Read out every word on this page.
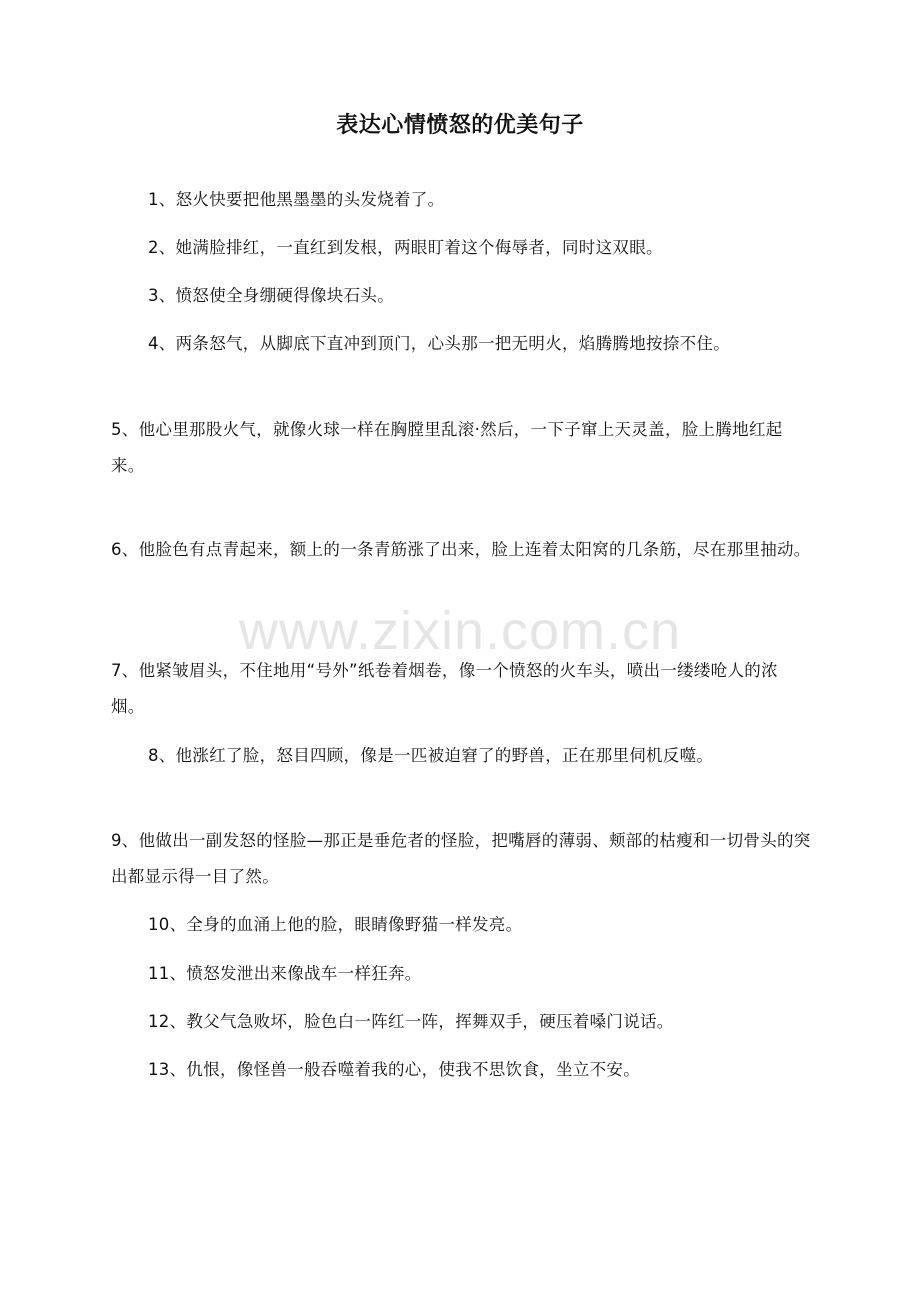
表达心情愤怒的优美句子

1、怒火快要把他黑墨墨的头发烧着了。

2、她满脸排红，一直红到发根，两眼盯着这个侮辱者，同时这双眼。

3、愤怒使全身绷硬得像块石头。

4、两条怒气，从脚底下直冲到顶门，心头那一把无明火，焰腾腾地按捺不住。

5、他心里那股火气，就像火球一样在胸膛里乱滚·然后，一下子窜上天灵盖，脸上腾地红起来。

6、他脸色有点青起来，额上的一条青筋涨了出来，脸上连着太阳窝的几条筋，尽在那里抽动。

7、他紧皱眉头，不住地用“号外”纸卷着烟卷，像一个愤怒的火车头，喷出一缕缕呛人的浓烟。

8、他涨红了脸，怒目四顾，像是一匹被迫窘了的野兽，正在那里伺机反噬。

9、他做出一副发怒的怪脸—那正是垂危者的怪脸，把嘴唇的薄弱、颊部的枯瘦和一切骨头的突出都显示得一目了然。

10、全身的血涌上他的脸，眼睛像野猫一样发亮。

11、愤怒发泄出来像战车一样狂奔。

12、教父气急败坏，脸色白一阵红一阵，挥舞双手，硬压着嗓门说话。

13、仇恨，像怪兽一般吞噬着我的心，使我不思饮食，坐立不安。

www.zixin.com.cn
